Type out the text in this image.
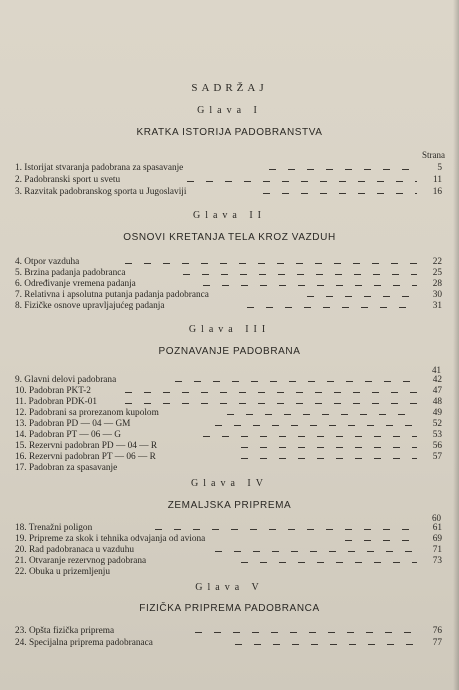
SADRŽAJ
Glava I
KRATKA ISTORIJA PADOBRANSTVA
Strana
1. Istorijat stvaranja padobrana za spasavanje	5
2. Padobranski sport u svetu	11
3. Razvitak padobranskog sporta u Jugoslaviji	16
Glava II
OSNOVI KRETANJA TELA KROZ VAZDUH
4. Otpor vazduha	22
5. Brzina padanja padobranca	25
6. Određivanje vremena padanja	28
7. Relativna i apsolutna putanja padanja padobranca	30
8. Fizičke osnove upravljajućeg padanja	31
Glava III
POZNAVANJE PADOBRANA
41
9. Glavni delovi padobrana	42
10. Padobran PKT-2	47
11. Padobran PDK-01	48
12. Padobrani sa prorezanom kupolom	49
13. Padobran PD — 04 — GM	52
14. Padobran PT — 06 — G	53
15. Rezervni padobran PD — 04 — R	56
16. Rezervni padobran PT — 06 — R	57
17. Padobran za spasavanje
Glava IV
ZEMALJSKA PRIPREMA
60
18. Trenažni poligon	61
19. Pripreme za skok i tehnika odvajanja od aviona	69
20. Rad padobranaca u vazduhu	71
21. Otvaranje rezervnog padobrana	73
22. Obuka u prizemljenju
Glava V
FIZIČKA PRIPREMA PADOBRANCA
23. Opšta fizička priprema	76
24. Specijalna priprema padobranaca	77
